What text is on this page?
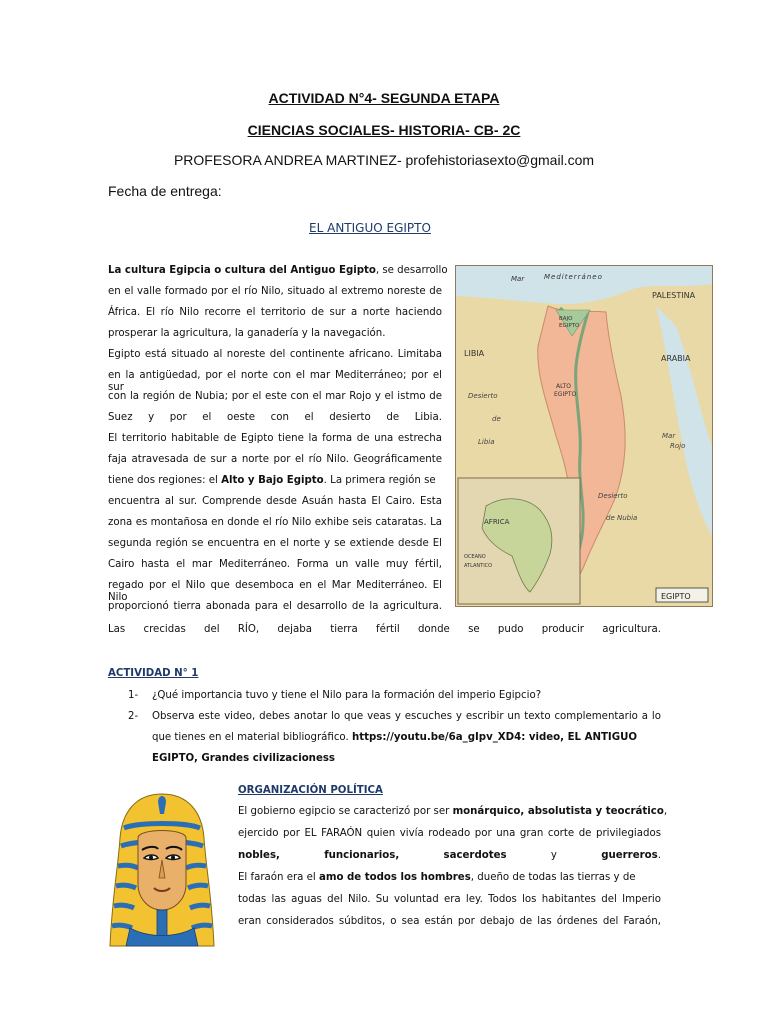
ACTIVIDAD N°4- SEGUNDA ETAPA
CIENCIAS SOCIALES- HISTORIA- CB- 2C
PROFESORA ANDREA MARTINEZ- profehistoriasexto@gmail.com
Fecha de entrega:
EL ANTIGUO EGIPTO
La cultura Egipcia o cultura del Antiguo Egipto, se desarrollo
en el valle formado por el río Nilo, situado al extremo noreste de
África. El río Nilo recorre el territorio de sur a norte haciendo
prosperar la agricultura, la ganadería y la navegación.
Egipto está situado al noreste del continente africano. Limitaba
en la antigüedad, por el norte con el mar Mediterráneo; por el sur
con la región de Nubia; por el este con el mar Rojo y el istmo de
Suez y por el oeste con el desierto de Libia.
El territorio habitable de Egipto tiene la forma de una estrecha
faja atravesada de sur a norte por el río Nilo. Geográficamente
tiene dos regiones: el Alto y Bajo Egipto. La primera región se
encuentra al sur. Comprende desde Asuán hasta El Cairo. Esta
zona es montañosa en donde el río Nilo exhibe seis cataratas. La
segunda región se encuentra en el norte y se extiende desde El
Cairo hasta el mar Mediterráneo. Forma un valle muy fértil,
regado por el Nilo que desemboca en el Mar Mediterráneo. El Nilo
proporcionó tierra abonada para el desarrollo de la agricultura.
Las crecidas del RÍO, dejaba tierra fértil donde se pudo producir agricultura.
Mar	Mediterráneo
PALESTINA
LIBIA
ARABIA
BAJO
EGIPTO
ALTO
EGIPTO
Desierto
de
Libia
Mar
Rojo
Desierto
de Nubia
AFRICA
OCEANO
ATLANTICO
EGIPTO
ACTIVIDAD N° 1
1- ¿Qué importancia tuvo y tiene el Nilo para la formación del imperio Egipcio?
2- Observa este video, debes anotar lo que veas y escuches y escribir un texto complementario a lo
que tienes en el material bibliográfico. https://youtu.be/6a_gIpv_XD4: video, EL ANTIGUO
EGIPTO, Grandes civilizacioness
ORGANIZACIÓN POLÍTICA
El gobierno egipcio se caracterizó por ser monárquico, absolutista y teocrático,
ejercido por EL FARAÓN quien vivía rodeado por una gran corte de privilegiados
nobles,	funcionarios,	sacerdotes	y	guerreros.
El faraón era el amo de todos los hombres, dueño de todas las tierras y de
todas las aguas del Nilo. Su voluntad era ley. Todos los habitantes del Imperio
eran considerados súbditos, o sea están por debajo de las órdenes del Faraón,
